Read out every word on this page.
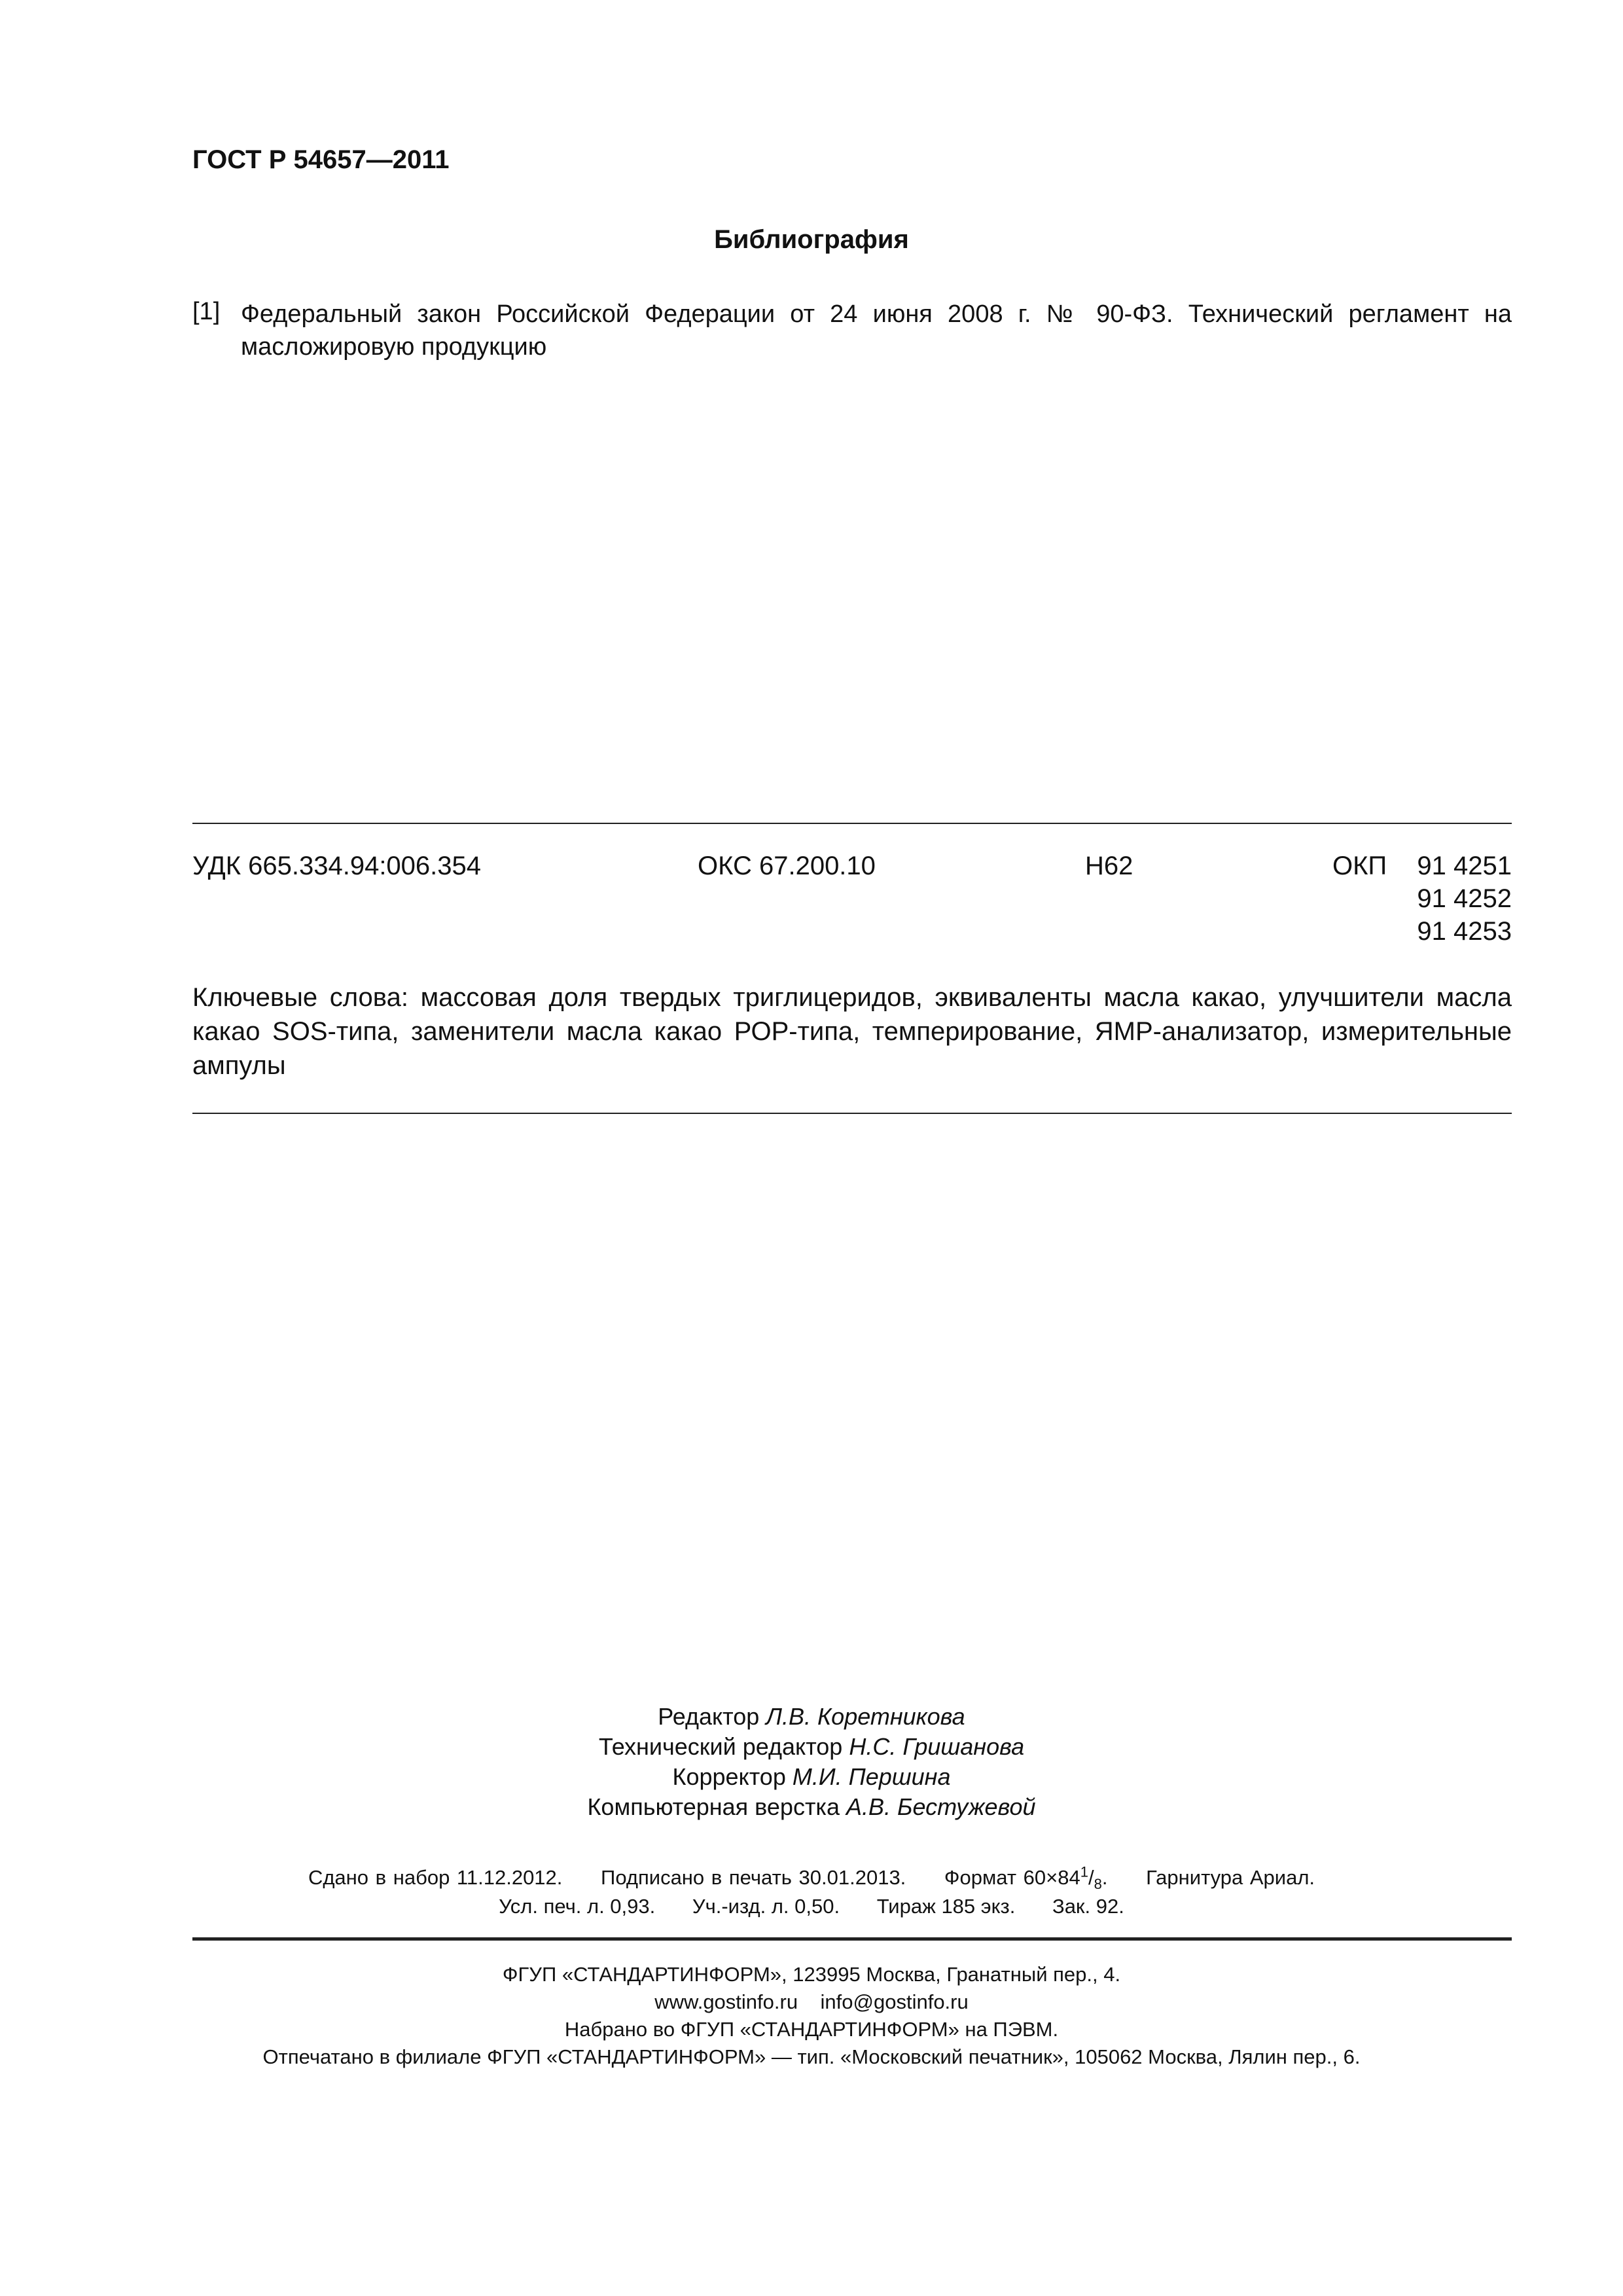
ГОСТ Р 54657—2011
Библиография
[1] Федеральный закон Российской Федерации от 24 июня 2008 г. № 90-ФЗ. Технический регламент на масложировую продукцию
УДК 665.334.94:006.354	ОКС 67.200.10	Н62	ОКП	91 4251
91 4252
91 4253
Ключевые слова: массовая доля твердых триглицеридов, эквиваленты масла какао, улучшители масла какао SOS-типа, заменители масла какао РОР-типа, темперирование, ЯМР-анализатор, измерительные ампулы
Редактор Л.В. Коретникова
Технический редактор Н.С. Гришанова
Корректор М.И. Першина
Компьютерная верстка А.В. Бестужевой
Сдано в набор 11.12.2012. Подписано в печать 30.01.2013. Формат $60\times 84^1/_8$. Гарнитура Ариал.
Усл. печ. л. 0,93. Уч.-изд. л. 0,50. Тираж 185 экз. Зак. 92.
ФГУП «СТАНДАРТИНФОРМ», 123995 Москва, Гранатный пер., 4.
www.gostinfo.ru info@gostinfo.ru
Набрано во ФГУП «СТАНДАРТИНФОРМ» на ПЭВМ.
Отпечатано в филиале ФГУП «СТАНДАРТИНФОРМ» — тип. «Московский печатник», 105062 Москва, Лялин пер., 6.
